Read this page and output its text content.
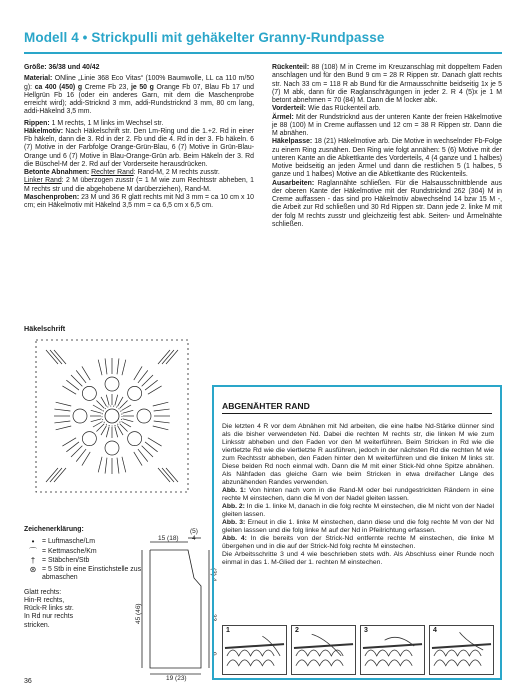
Modell 4 • Strickpulli mit gehäkelter Granny-Rundpasse

Größe: 36/38 und 40/42

Material: ONline „Linie 368 Eco Vitas“ (100% Baumwolle, LL ca 110 m/50 g): ca 400 (450) g Creme Fb 23, je 50 g Orange Fb 07, Blau Fb 17 und Hellgrün Fb 16 (oder ein anderes Garn, mit dem die Maschenprobe erreicht wird); addi-Stricknd 3 mm, addi-Rundstricknd 3 mm, 80 cm lang, addi-Häkelnd 3,5 mm.

Rippen: 1 M rechts, 1 M links im Wechsel str.
Häkelmotiv: Nach Häkelschrift str. Den Lm-Ring und die 1.+2. Rd in einer Fb häkeln, dann die 3. Rd in der 2. Fb und die 4. Rd in der 3. Fb häkeln. 6 (7) Motive in der Farbfolge Orange-Grün-Blau, 6 (7) Motive in Grün-Blau-Orange und 6 (7) Motive in Blau-Orange-Grün arb. Beim Häkeln der 3. Rd die Büschel-M der 2. Rd auf der Vorderseite herausdrücken.
Betonte Abnahmen: Rechter Rand: Rand-M, 2 M rechts zusstr.
Linker Rand: 2 M überzogen zusstr (= 1 M wie zum Rechtsstr abheben, 1 M rechts str und die abgehobene M darüberziehen), Rand-M.
Maschenproben: 23 M und 36 R glatt rechts mit Nd 3 mm = ca 10 cm x 10 cm; ein Häkelmotiv mit Häkelnd 3,5 mm = ca 6,5 cm x 6,5 cm.

Rückenteil: 88 (108) M in Creme im Kreuzanschlag mit doppeltem Faden anschlagen und für den Bund 9 cm = 28 R Rippen str. Danach glatt rechts str. Nach 33 cm = 118 R ab Bund für die Armausschnitte beidseitig 1x je 5 (7) M abk, dann für die Raglanschrägungen in jeder 2. R 4 (5)x je 1 M betont abnehmen = 70 (84) M. Dann die M locker abk.
Vorderteil: Wie das Rückenteil arb.
Ärmel: Mit der Rundstricknd aus der unteren Kante der freien Häkelmotive je 88 (100) M in Creme auffassen und 12 cm = 38 R Rippen str. Dann die M abnähen.
Häkelpasse: 18 (21) Häkelmotive arb. Die Motive in wechselnder Fb-Folge zu einem Ring zusnähen. Den Ring wie folgt annähen: 5 (6) Motive mit der unteren Kante an die Abkettkante des Vorderteils, 4 (4 ganze und 1 halbes) Motive beidseitig an jeden Ärmel und dann die restlichen 5 (1 halbes, 5 ganze und 1 halbes) Motive an die Abkettkante des Rückenteils.
Ausarbeiten: Raglannähte schließen. Für die Halsausschnittblende aus der oberen Kante der Häkelmotive mit der Rundstricknd 262 (304) M in Creme auffassen - das sind pro Häkelmotiv abwechselnd 14 bzw 15 M -, die Arbeit zur Rd schließen und 30 Rd Rippen str. Dann jede 2. linke M mit der folg M rechts zusstr und gleichzeitig fest abk. Seiten- und Ärmelnähte schließen.

Häkelschrift
Zeichenerklärung:
•	= Luftmasche/Lm
⌒ = Kettmasche/Km
† = Stäbchen/Stb
⊛ = 5 Stb in eine Einstichstelle zus abmaschen
Glatt rechts:
Hin-R rechts,
Rück-R links str.
In Rd nur rechts
stricken.
15 (18)
(5)
4
(3) 4
45 (46)	33
9
19 (23)
ABGENÄHTER RAND

Die letzten 4 R vor dem Abnähen mit Nd arbeiten, die eine halbe Nd-Stärke dünner sind als die bisher verwendeten Nd. Dabei die rechten M rechts str, die linken M wie zum Linksstr abheben und den Faden vor den M weiterführen. Beim Stricken in Rd wie die viertletzte Rd wie die viertletzte R ausführen, jedoch in der nächsten Rd die rechten M wie zum Rechtsstr abheben, den Faden hinter den M weiterführen und die linken M links str. Diese beiden Rd noch einmal wdh. Dann die M mit einer Stick-Nd ohne Spitze abnähen. Als Nähfaden das gleiche Garn wie beim Stricken in etwa dreifacher Länge des abzunähenden Randes verwenden.

Abb. 1: Von hinten nach vorn in die Rand-M oder bei rundgestrickten Rändern in eine rechte M einstechen, dann die M von der Nadel gleiten lassen.

Abb. 2: In die 1. linke M, danach in die folg rechte M einstechen, die M nicht von der Nadel gleiten lassen.

Abb. 3: Erneut in die 1. linke M einstechen, dann diese und die folg rechte M von der Nd gleiten lasssen und die folg linke M auf der Nd in Pfeilrichtung erfassen.

Abb. 4: In die bereits von der Strick-Nd entfernte rechte M einstechen, die linke M übergehen und in die auf der Strick-Nd folg rechte M einstechen.

Die Arbeitsschritte 3 und 4 wie beschrieben stets wdh. Als Abschluss einer Runde noch einmal in das 1. M-Glied der 1. rechten M einstechen.

1	2	3	4
36
